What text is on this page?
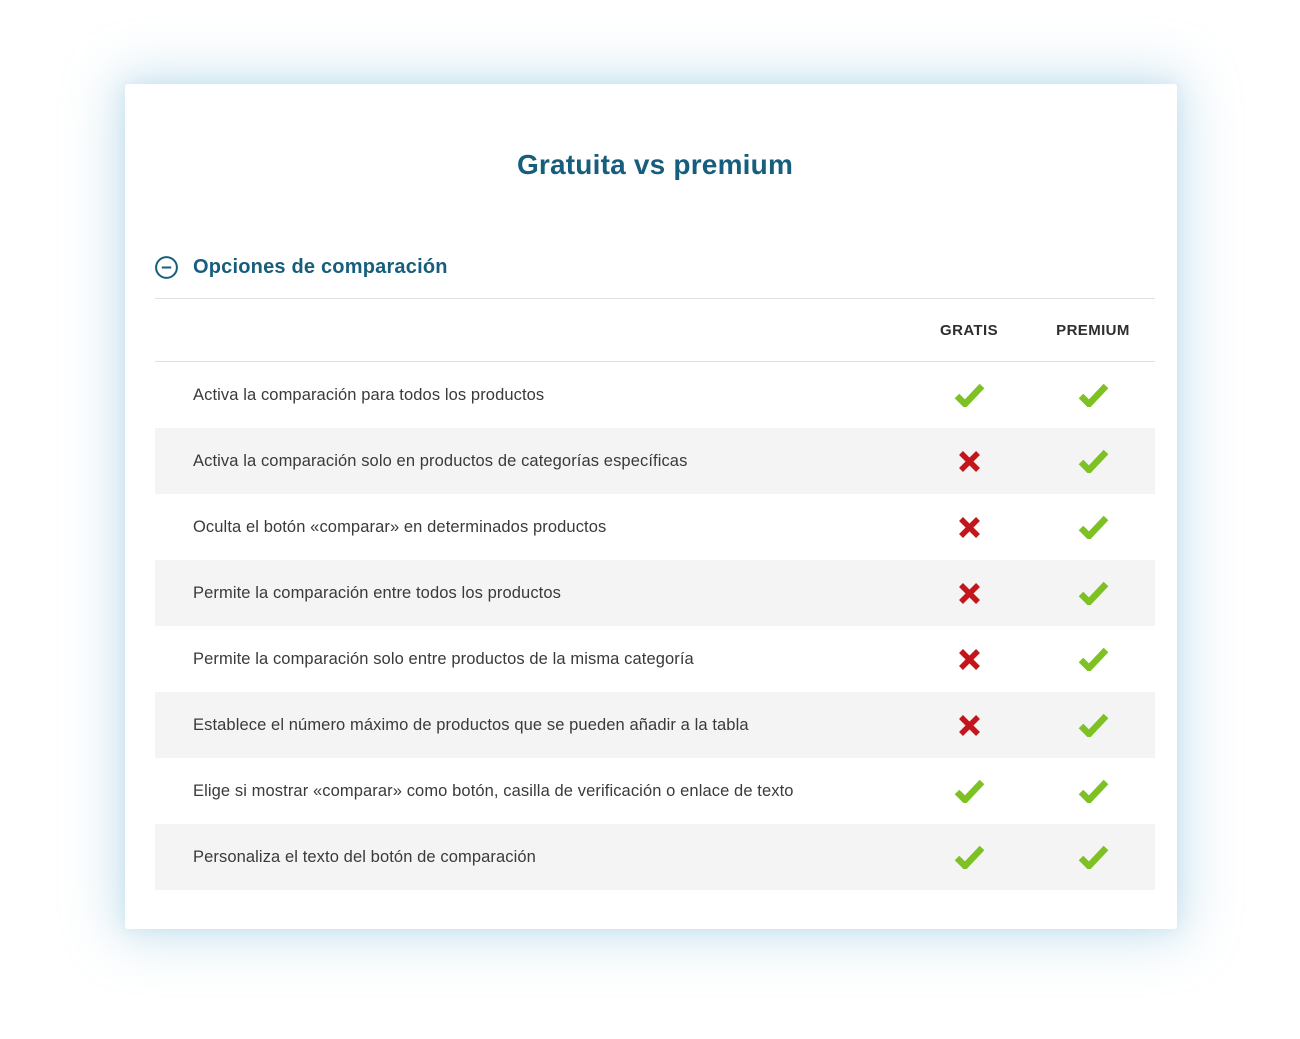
Gratuita vs premium
Opciones de comparación
GRATIS	PREMIUM
Activa la comparación para todos los productos
Activa la comparación solo en productos de categorías específicas
Oculta el botón «comparar» en determinados productos
Permite la comparación entre todos los productos
Permite la comparación solo entre productos de la misma categoría
Establece el número máximo de productos que se pueden añadir a la tabla
Elige si mostrar «comparar» como botón, casilla de verificación o enlace de texto
Personaliza el texto del botón de comparación
